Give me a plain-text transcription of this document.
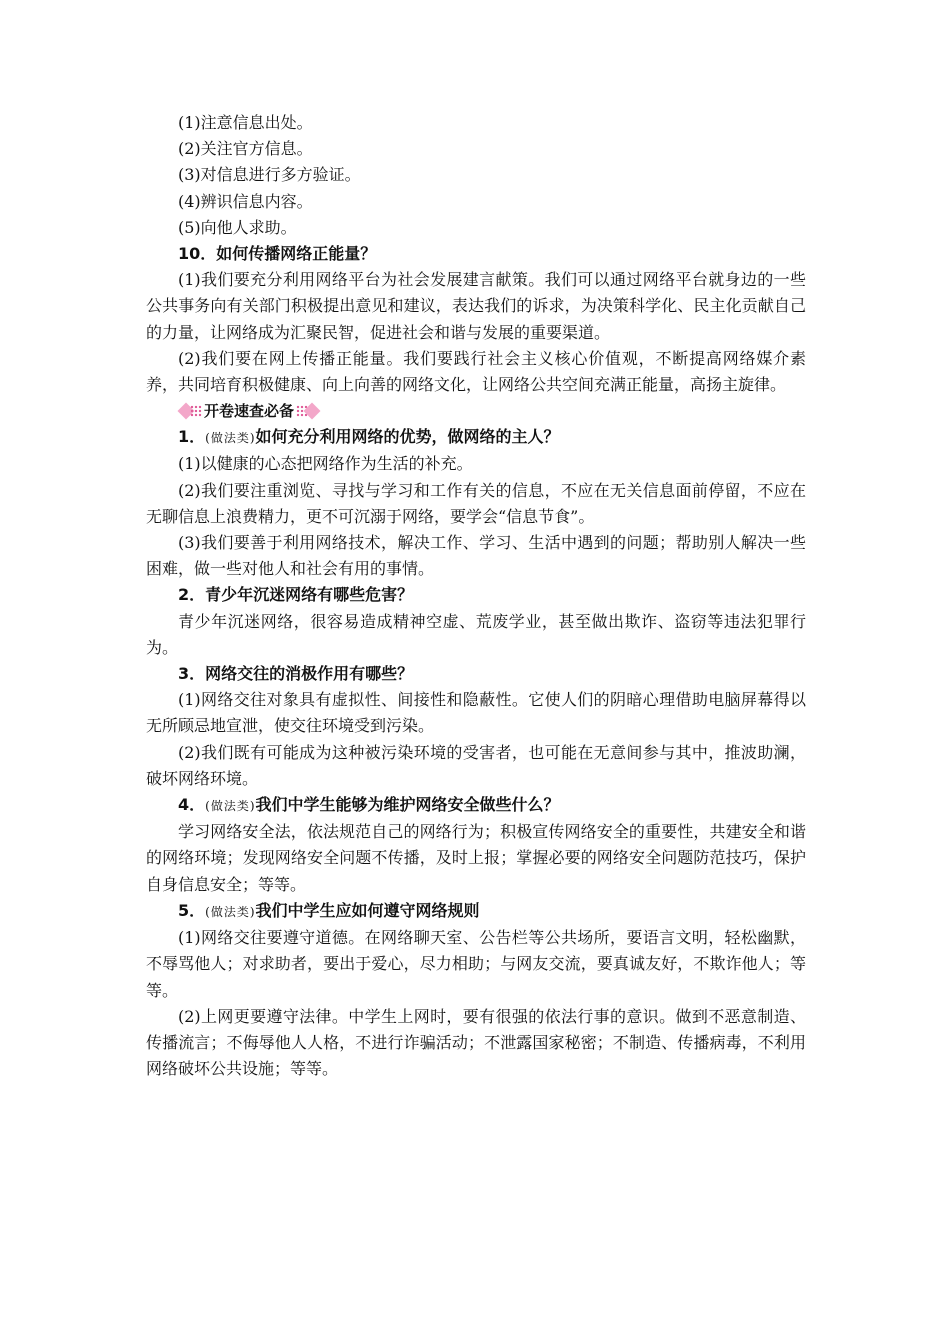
(1)注意信息出处。

(2)关注官方信息。

(3)对信息进行多方验证。

(4)辨识信息内容。

(5)向他人求助。

10．如何传播网络正能量？

(1)我们要充分利用网络平台为社会发展建言献策。我们可以通过网络平台就身边的一些公共事务向有关部门积极提出意见和建议，表达我们的诉求，为决策科学化、民主化贡献自己的力量，让网络成为汇聚民智，促进社会和谐与发展的重要渠道。

(2)我们要在网上传播正能量。我们要践行社会主义核心价值观，不断提高网络媒介素养，共同培育积极健康、向上向善的网络文化，让网络公共空间充满正能量，高扬主旋律。

开卷速查必备

1．(做法类)如何充分利用网络的优势，做网络的主人？

(1)以健康的心态把网络作为生活的补充。

(2)我们要注重浏览、寻找与学习和工作有关的信息，不应在无关信息面前停留，不应在无聊信息上浪费精力，更不可沉溺于网络，要学会“信息节食”。

(3)我们要善于利用网络技术，解决工作、学习、生活中遇到的问题；帮助别人解决一些困难，做一些对他人和社会有用的事情。

2．青少年沉迷网络有哪些危害？

青少年沉迷网络，很容易造成精神空虚、荒废学业，甚至做出欺诈、盗窃等违法犯罪行为。

3．网络交往的消极作用有哪些？

(1)网络交往对象具有虚拟性、间接性和隐蔽性。它使人们的阴暗心理借助电脑屏幕得以无所顾忌地宣泄，使交往环境受到污染。

(2)我们既有可能成为这种被污染环境的受害者，也可能在无意间参与其中，推波助澜，破坏网络环境。

4．(做法类)我们中学生能够为维护网络安全做些什么？

学习网络安全法，依法规范自己的网络行为；积极宣传网络安全的重要性，共建安全和谐的网络环境；发现网络安全问题不传播，及时上报；掌握必要的网络安全问题防范技巧，保护自身信息安全；等等。

5．(做法类)我们中学生应如何遵守网络规则

(1)网络交往要遵守道德。在网络聊天室、公告栏等公共场所，要语言文明，轻松幽默，不辱骂他人；对求助者，要出于爱心，尽力相助；与网友交流，要真诚友好，不欺诈他人；等等。

(2)上网更要遵守法律。中学生上网时，要有很强的依法行事的意识。做到不恶意制造、传播流言；不侮辱他人人格，不进行诈骗活动；不泄露国家秘密；不制造、传播病毒，不利用网络破坏公共设施；等等。
